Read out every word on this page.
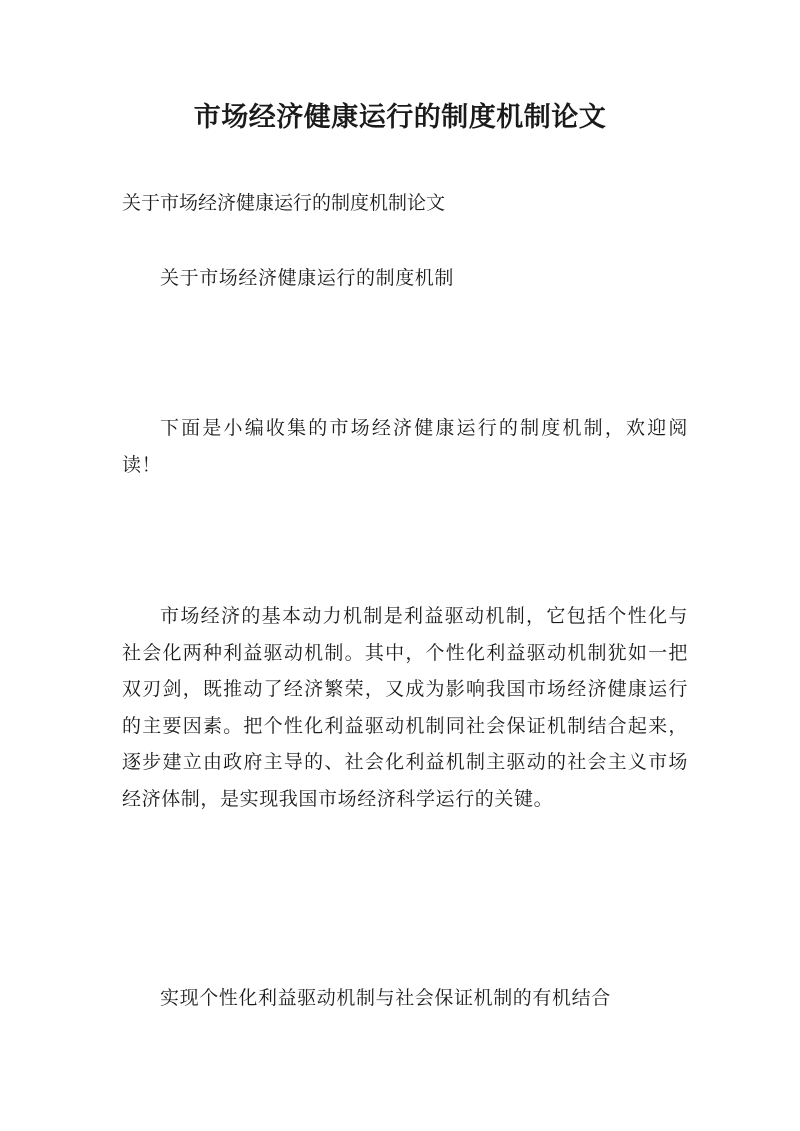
市场经济健康运行的制度机制论文

关于市场经济健康运行的制度机制论文

关于市场经济健康运行的制度机制

下面是小编收集的市场经济健康运行的制度机制，欢迎阅读！

市场经济的基本动力机制是利益驱动机制，它包括个性化与社会化两种利益驱动机制。其中，个性化利益驱动机制犹如一把双刃剑，既推动了经济繁荣，又成为影响我国市场经济健康运行的主要因素。把个性化利益驱动机制同社会保证机制结合起来，逐步建立由政府主导的、社会化利益机制主驱动的社会主义市场经济体制，是实现我国市场经济科学运行的关键。

实现个性化利益驱动机制与社会保证机制的有机结合
